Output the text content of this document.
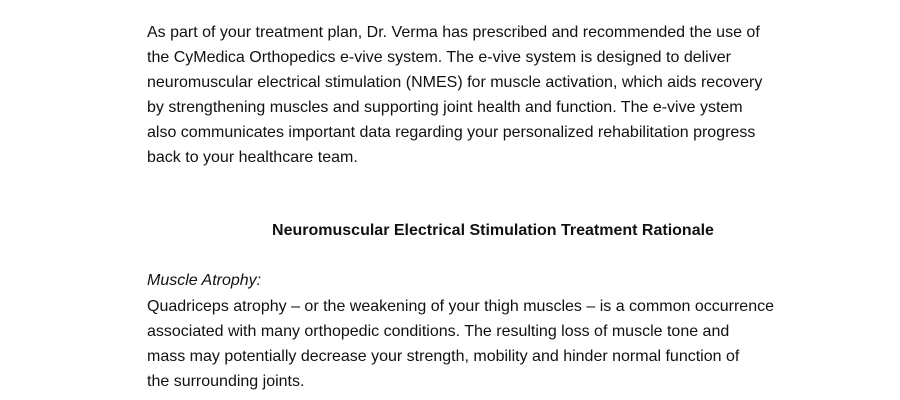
As part of your treatment plan, Dr. Verma has prescribed and recommended the use of
the CyMedica Orthopedics e-vive system. The e-vive system is designed to deliver
neuromuscular electrical stimulation (NMES) for muscle activation, which aids recovery
by strengthening muscles and supporting joint health and function. The e-vive ystem
also communicates important data regarding your personalized rehabilitation progress
back to your healthcare team.

Neuromuscular Electrical Stimulation Treatment Rationale

Muscle Atrophy:

Quadriceps atrophy – or the weakening of your thigh muscles – is a common occurrence
associated with many orthopedic conditions. The resulting loss of muscle tone and
mass may potentially decrease your strength, mobility and hinder normal function of
the surrounding joints.
